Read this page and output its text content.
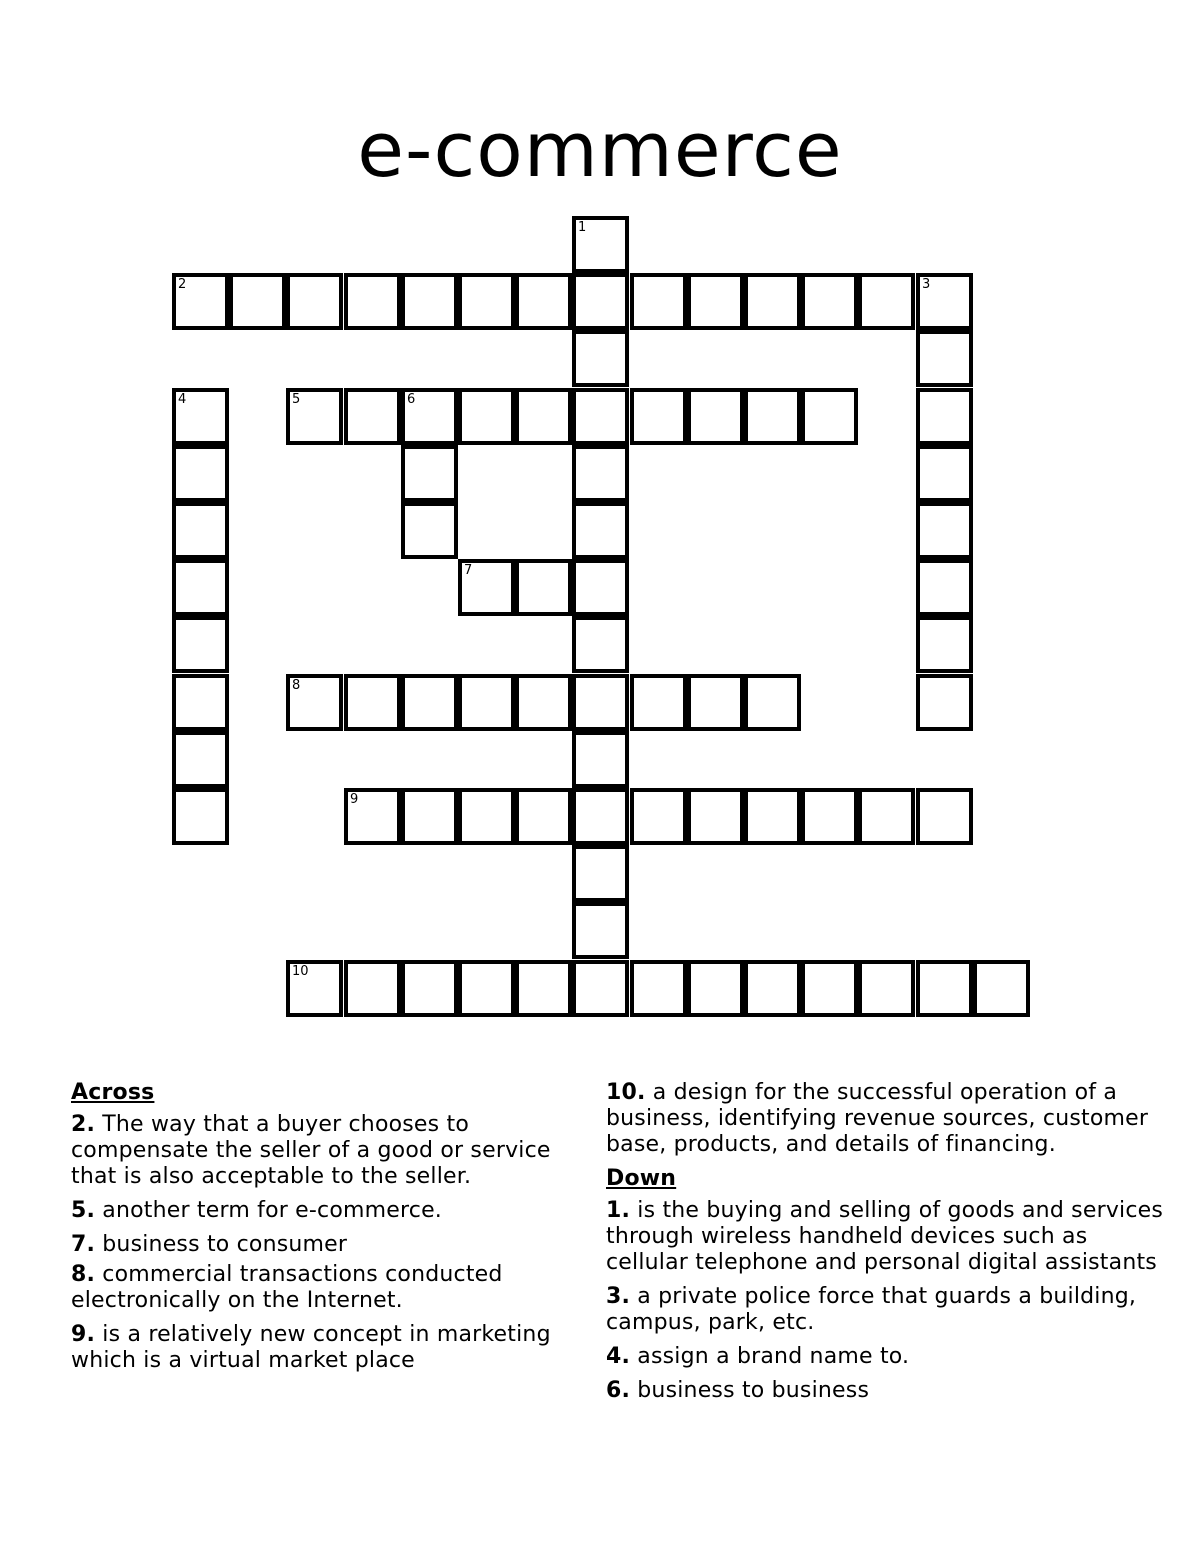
e-commerce
1
2	3
4	5	6
7
8
9
10
Across
2. The way that a buyer chooses to compensate the seller of a good or service that is also acceptable to the seller.
5. another term for e-commerce.
7. business to consumer
8. commercial transactions conducted electronically on the Internet.
9. is a relatively new concept in marketing which is a virtual market place
10. a design for the successful operation of a business, identifying revenue sources, customer base, products, and details of financing.
Down
1. is the buying and selling of goods and services through wireless handheld devices such as cellular telephone and personal digital assistants
3. a private police force that guards a building, campus, park, etc.
4. assign a brand name to.
6. business to business
